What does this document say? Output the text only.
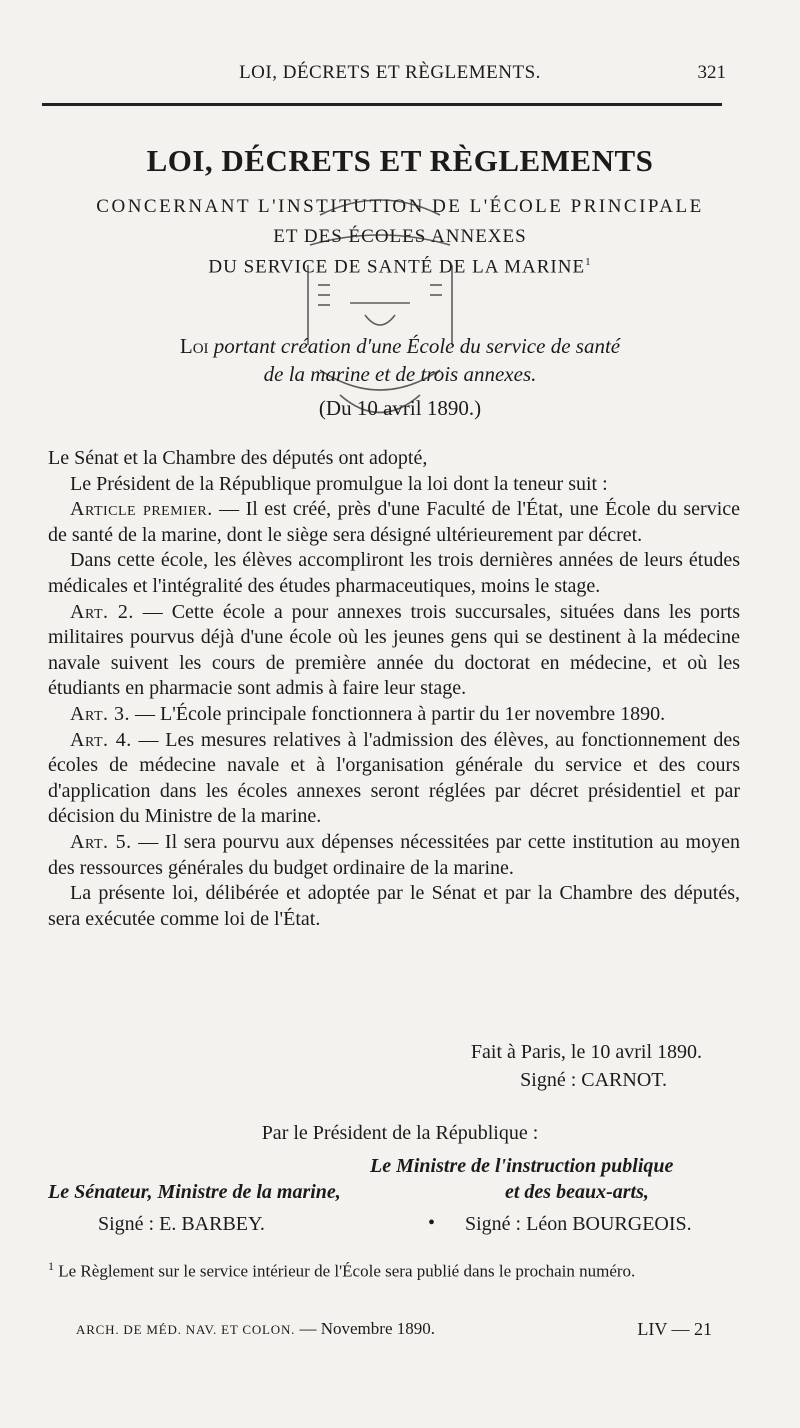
LOI, DÉCRETS ET RÈGLEMENTS.	321
LOI, DÉCRETS ET RÈGLEMENTS
CONCERNANT L'INSTITUTION DE L'ÉCOLE PRINCIPALE
ET DES ÉCOLES ANNEXES
DU SERVICE DE SANTÉ DE LA MARINE$^1$
Loi portant création d'une École du service de santé
de la marine et de trois annexes.
(Du 10 avril 1890.)

Le Sénat et la Chambre des députés ont adopté,

Le Président de la République promulgue la loi dont la teneur suit :

Article premier. — Il est créé, près d'une Faculté de l'État, une École du service de santé de la marine, dont le siège sera désigné ultérieurement par décret.

Dans cette école, les élèves accompliront les trois dernières années de leurs études médicales et l'intégralité des études pharmaceutiques, moins le stage.

Art. 2. — Cette école a pour annexes trois succursales, situées dans les ports militaires pourvus déjà d'une école où les jeunes gens qui se destinent à la médecine navale suivent les cours de première année du doctorat en médecine, et où les étudiants en pharmacie sont admis à faire leur stage.

Art. 3. — L'École principale fonctionnera à partir du 1er novembre 1890.

Art. 4. — Les mesures relatives à l'admission des élèves, au fonctionnement des écoles de médecine navale et à l'organisation générale du service et des cours d'application dans les écoles annexes seront réglées par décret présidentiel et par décision du Ministre de la marine.

Art. 5. — Il sera pourvu aux dépenses nécessitées par cette institution au moyen des ressources générales du budget ordinaire de la marine.

La présente loi, délibérée et adoptée par le Sénat et par la Chambre des députés, sera exécutée comme loi de l'État.

Fait à Paris, le 10 avril 1890.
Signé : CARNOT.
Par le Président de la République :
Le Ministre de l'instruction publique
et des beaux-arts,
Le Sénateur, Ministre de la marine,
Signé : E. BARBEY.	• Signé : Léon BOURGEOIS.
$^1$ Le Règlement sur le service intérieur de l'École sera publié dans le prochain numéro.
ARCH. DE MÉD. NAV. ET COLON. — Novembre 1890.	LIV — 21
